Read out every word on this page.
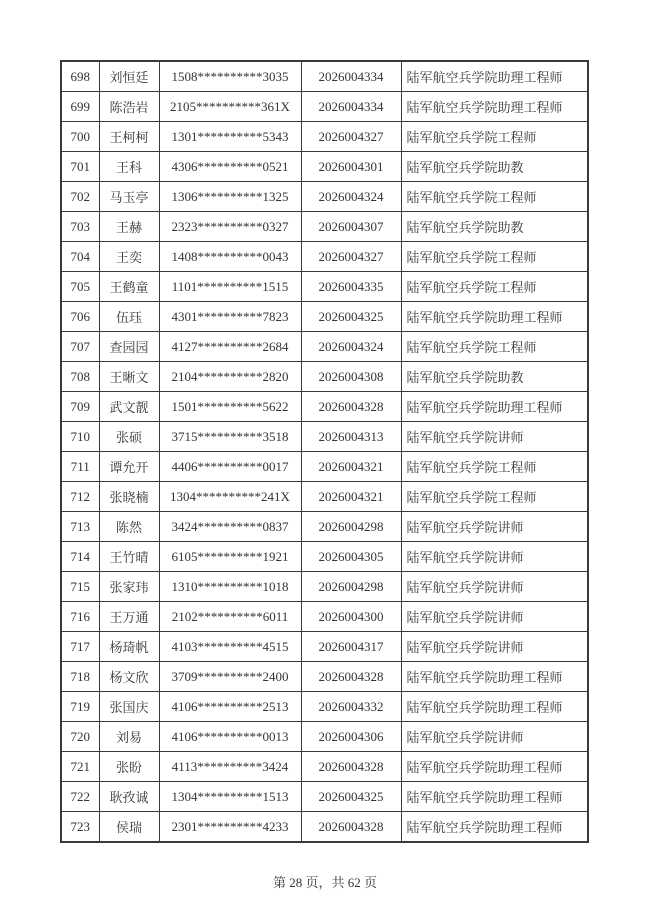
698	刘恒廷	1508**********3035	2026004334	陆军航空兵学院助理工程师
699	陈浩岩	2105**********361X	2026004334	陆军航空兵学院助理工程师
700	王柯柯	1301**********5343	2026004327	陆军航空兵学院工程师
701	王科	4306**********0521	2026004301	陆军航空兵学院助教
702	马玉亭	1306**********1325	2026004324	陆军航空兵学院工程师
703	王赫	2323**********0327	2026004307	陆军航空兵学院助教
704	王奕	1408**********0043	2026004327	陆军航空兵学院工程师
705	王鹤童	1101**********1515	2026004335	陆军航空兵学院工程师
706	伍珏	4301**********7823	2026004325	陆军航空兵学院助理工程师
707	查园园	4127**********2684	2026004324	陆军航空兵学院工程师
708	王晰文	2104**********2820	2026004308	陆军航空兵学院助教
709	武文靓	1501**********5622	2026004328	陆军航空兵学院助理工程师
710	张硕	3715**********3518	2026004313	陆军航空兵学院讲师
711	谭允开	4406**********0017	2026004321	陆军航空兵学院工程师
712	张晓楠	1304**********241X	2026004321	陆军航空兵学院工程师
713	陈然	3424**********0837	2026004298	陆军航空兵学院讲师
714	王竹晴	6105**********1921	2026004305	陆军航空兵学院讲师
715	张家玮	1310**********1018	2026004298	陆军航空兵学院讲师
716	王万通	2102**********6011	2026004300	陆军航空兵学院讲师
717	杨琦帆	4103**********4515	2026004317	陆军航空兵学院讲师
718	杨文欣	3709**********2400	2026004328	陆军航空兵学院助理工程师
719	张国庆	4106**********2513	2026004332	陆军航空兵学院助理工程师
720	刘易	4106**********0013	2026004306	陆军航空兵学院讲师
721	张盼	4113**********3424	2026004328	陆军航空兵学院助理工程师
722	耿孜诚	1304**********1513	2026004325	陆军航空兵学院助理工程师
723	侯瑞	2301**********4233	2026004328	陆军航空兵学院助理工程师
第 28 页，共 62 页
